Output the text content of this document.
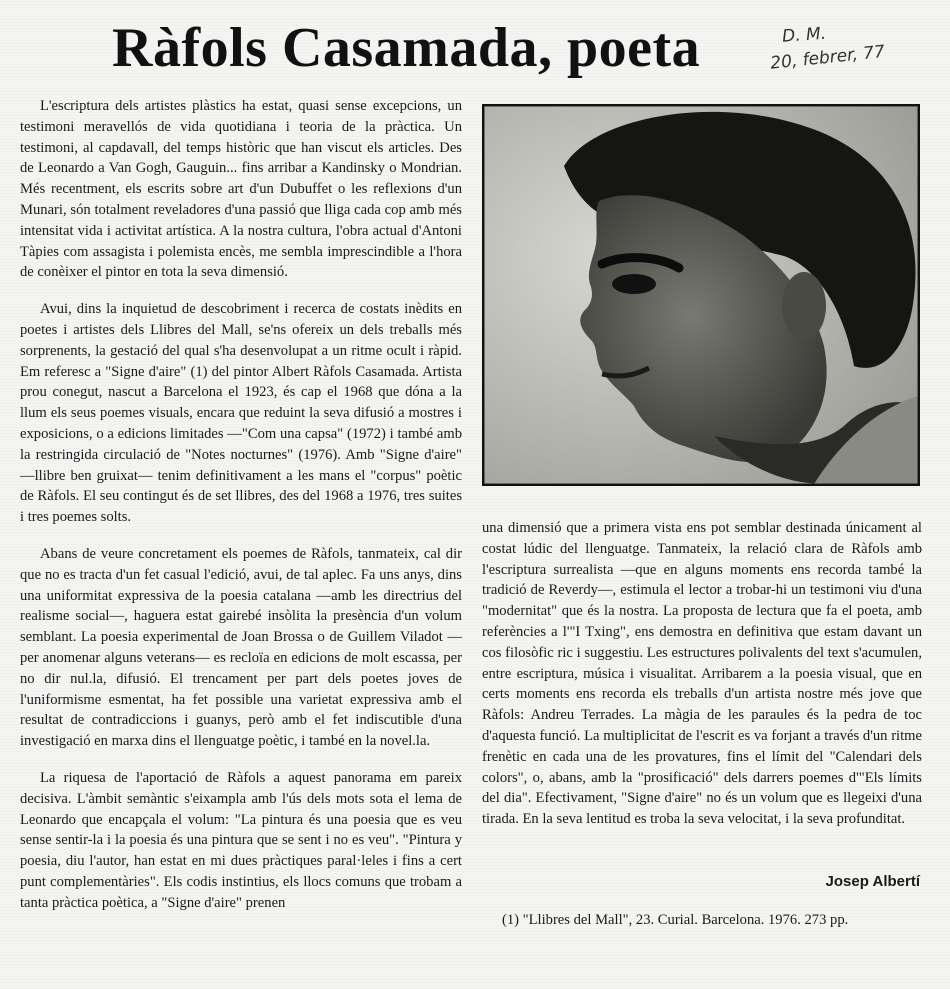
Ràfols Casamada, poeta	D. M.
20, febrer, 77

L'escriptura dels artistes plàstics ha estat, quasi sense excepcions, un testimoni meravellós de vida quotidiana i teoria de la pràctica. Un testimoni, al capdavall, del temps històric que han viscut els articles. Des de Leonardo a Van Gogh, Gauguin... fins arribar a Kandinsky o Mondrian. Més recentment, els escrits sobre art d'un Dubuffet o les reflexions d'un Munari, són totalment reveladores d'una passió que lliga cada cop amb més intensitat vida i activitat artística. A la nostra cultura, l'obra actual d'Antoni Tàpies com assagista i polemista encès, me sembla imprescindible a l'hora de conèixer el pintor en tota la seva dimensió.

Avui, dins la inquietud de descobriment i recerca de costats inèdits en poetes i artistes dels Llibres del Mall, se'ns ofereix un dels treballs més sorprenents, la gestació del qual s'ha desenvolupat a un ritme ocult i ràpid. Em referesc a "Signe d'aire" (1) del pintor Albert Ràfols Casamada. Artista prou conegut, nascut a Barcelona el 1923, és cap el 1968 que dóna a la llum els seus poemes visuals, encara que reduint la seva difusió a mostres i exposicions, o a edicions limitades —"Com una capsa" (1972) i també amb la restringida circulació de "Notes nocturnes" (1976). Amb "Signe d'aire" —llibre ben gruixat— tenim definitivament a les mans el "corpus" poètic de Ràfols. El seu contingut és de set llibres, des del 1968 a 1976, tres suites i tres poemes solts.

Abans de veure concretament els poemes de Ràfols, tanmateix, cal dir que no es tracta d'un fet casual l'edició, avui, de tal aplec. Fa uns anys, dins una uniformitat expressiva de la poesia catalana —amb les directrius del realisme social—, haguera estat gairebé insòlita la presència d'un volum semblant. La poesia experimental de Joan Brossa o de Guillem Viladot —per anomenar alguns veterans— es recloïa en edicions de molt escassa, per no dir nul.la, difusió. El trencament per part dels poetes joves de l'uniformisme esmentat, ha fet possible una varietat expressiva amb el resultat de contradiccions i guanys, però amb el fet indiscutible d'una investigació en marxa dins el llenguatge poètic, i també en la novel.la.

La riquesa de l'aportació de Ràfols a aquest panorama em pareix decisiva. L'àmbit semàntic s'eixampla amb l'ús dels mots sota el lema de Leonardo que encapçala el volum: "La pintura és una poesia que es veu sense sentir-la i la poesia és una pintura que se sent i no es veu". "Pintura y poesia, diu l'autor, han estat en mi dues pràctiques paral·leles i fins a cert punt complementàries". Els codis instintius, els llocs comuns que trobam a tanta pràctica poètica, a "Signe d'aire" prenen

una dimensió que a primera vista ens pot semblar destinada únicament al costat lúdic del llenguatge. Tanmateix, la relació clara de Ràfols amb l'escriptura surrealista —que en alguns moments ens recorda també la tradició de Reverdy—, estimula el lector a trobar-hi un testimoni viu d'una "modernitat" que és la nostra. La proposta de lectura que fa el poeta, amb referències a l'"I Txing", ens demostra en definitiva que estam davant un cos filosòfic ric i suggestiu. Les estructures polivalents del text s'acumulen, entre escriptura, música i visualitat. Arribarem a la poesia visual, que en certs moments ens recorda els treballs d'un artista nostre més jove que Ràfols: Andreu Terrades. La màgia de les paraules és la pedra de toc d'aquesta funció. La multiplicitat de l'escrit es va forjant a través d'un ritme frenètic en cada una de les provatures, fins el límit del "Calendari dels colors", o, abans, amb la "prosificació" dels darrers poemes d'"Els límits del dia". Efectivament, "Signe d'aire" no és un volum que es llegeixi d'una tirada. En la seva lentitud es troba la seva velocitat, i la seva profunditat.

Josep Albertí
(1) "Llibres del Mall", 23. Curial. Barcelona. 1976. 273 pp.
